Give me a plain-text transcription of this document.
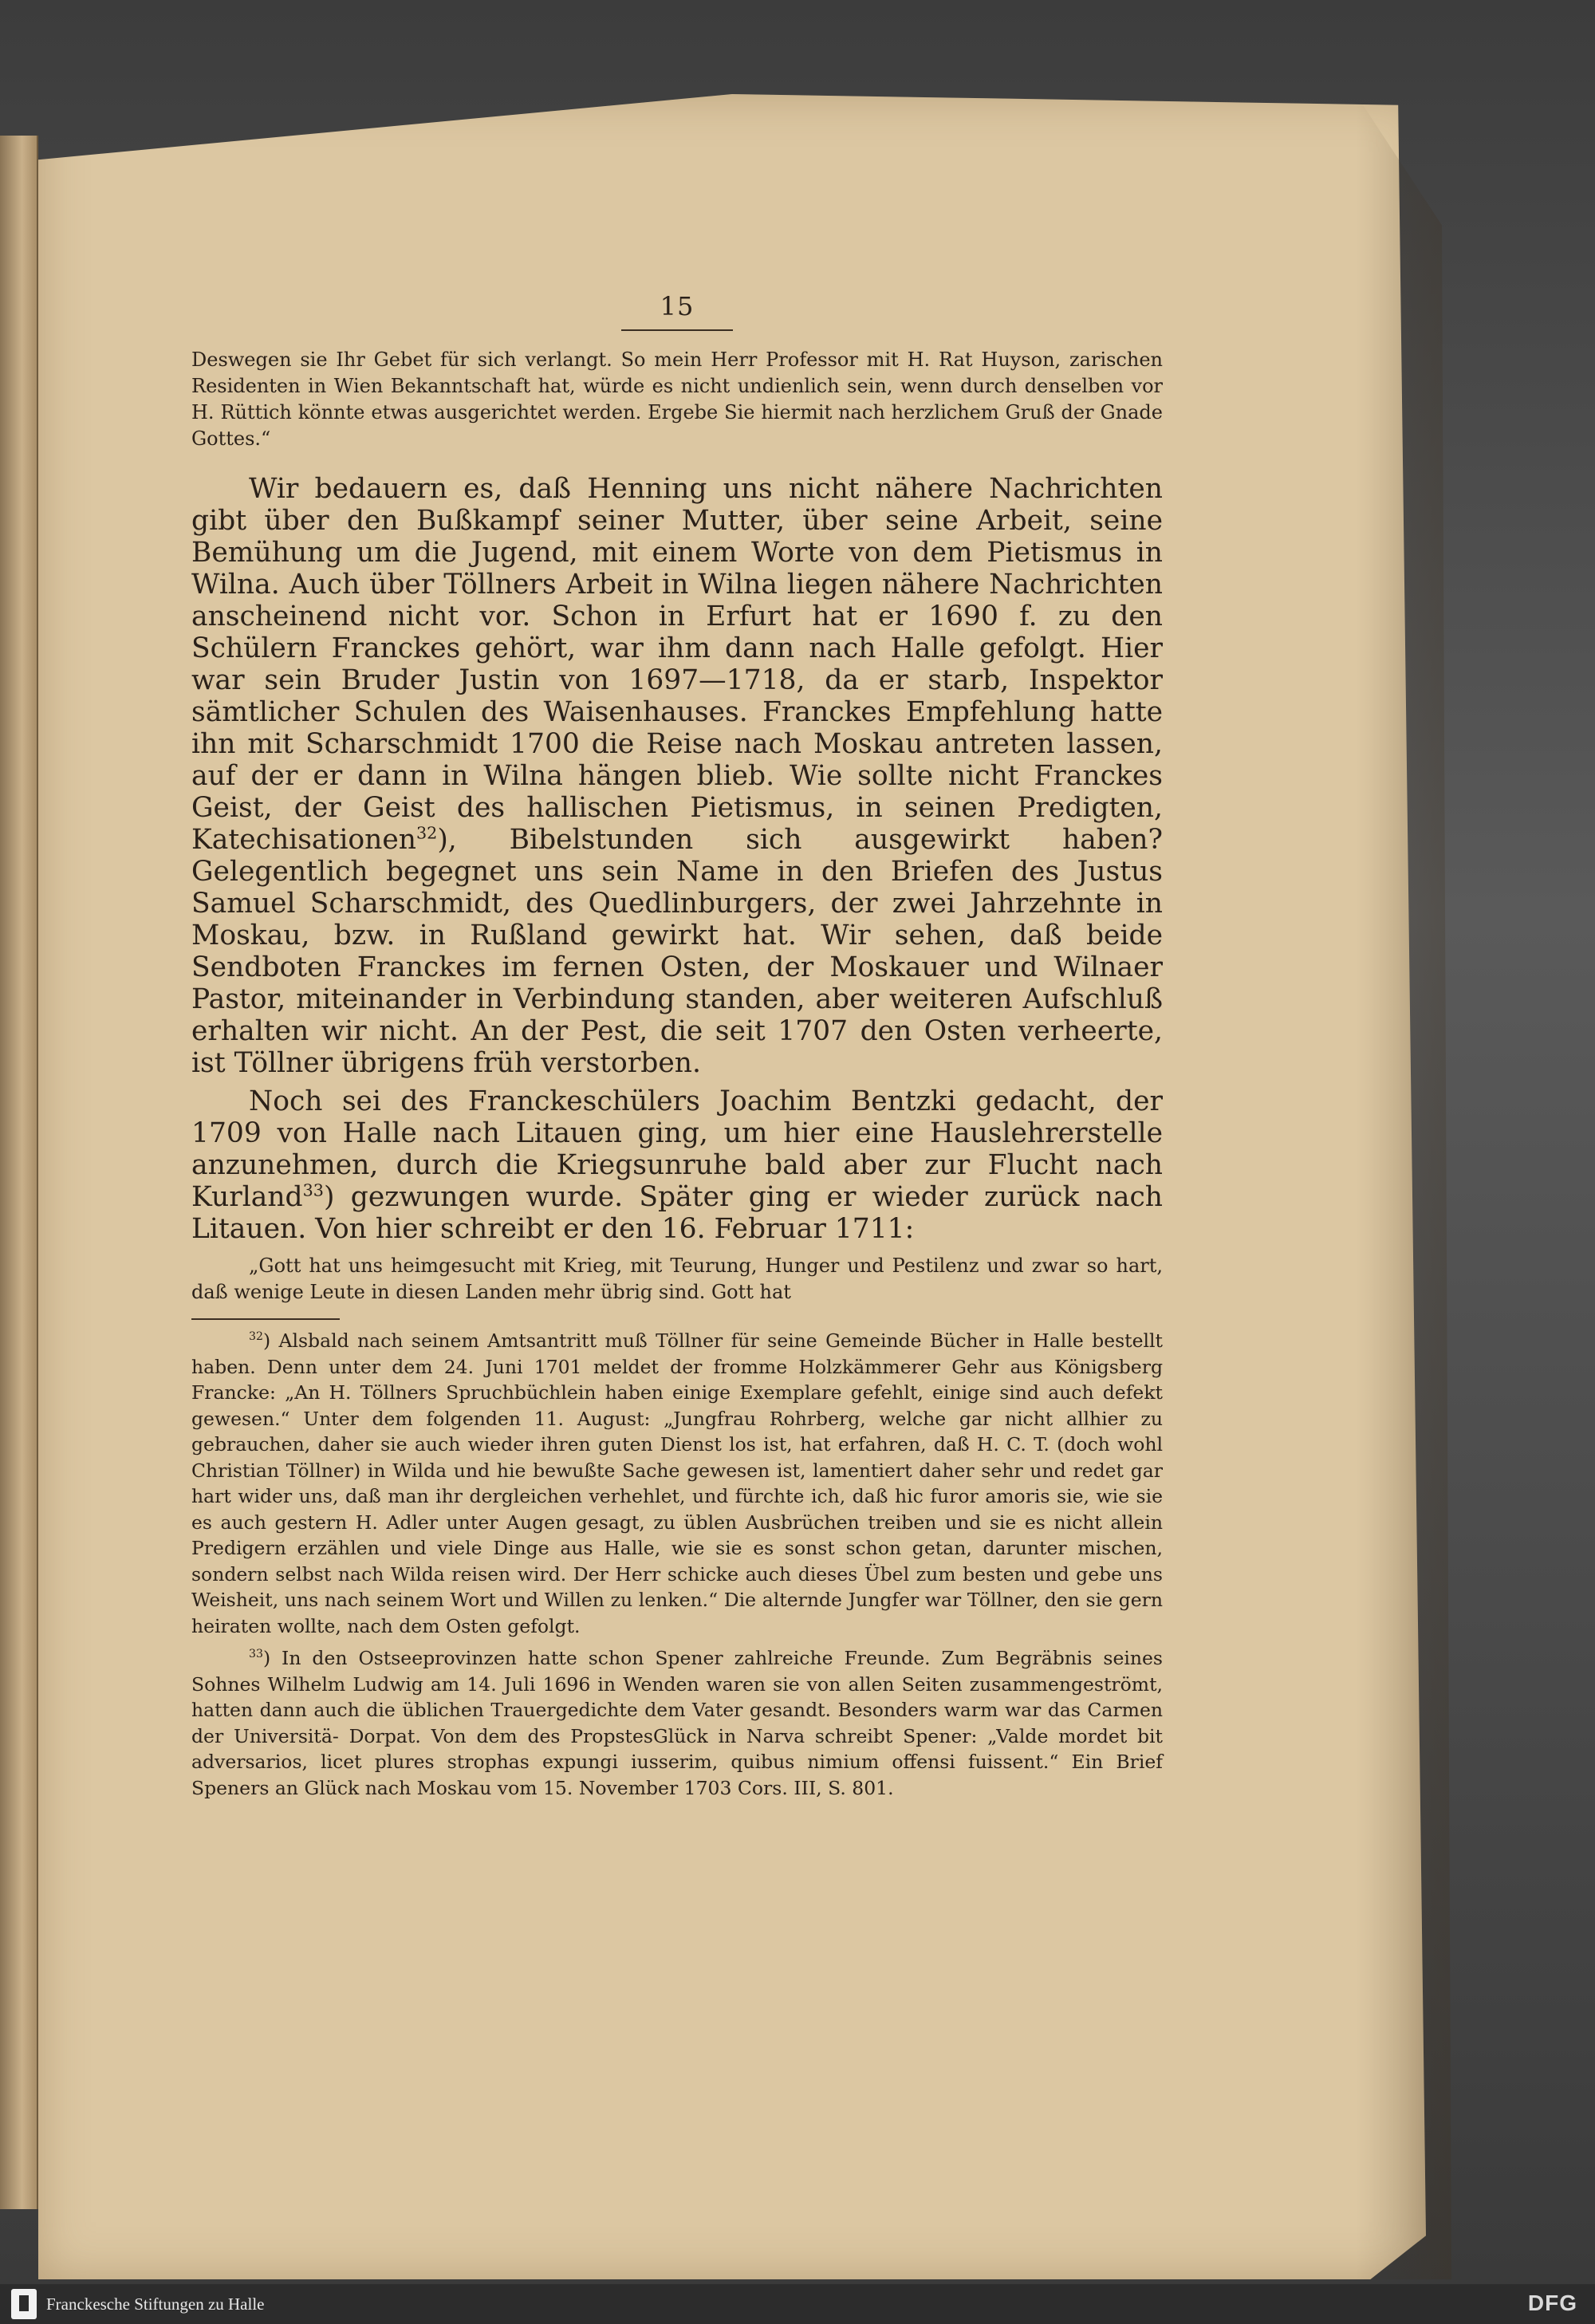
15

Deswegen sie Ihr Gebet für sich verlangt. So mein Herr Professor mit H. Rat Huyson, zarischen Residenten in Wien Bekanntschaft hat, würde es nicht undienlich sein, wenn durch denselben vor H. Rüttich könnte etwas ausgerichtet werden. Ergebe Sie hiermit nach herzlichem Gruß der Gnade Gottes.“

Wir bedauern es, daß Henning uns nicht nähere Nachrichten gibt über den Bußkampf seiner Mutter, über seine Arbeit, seine Bemühung um die Jugend, mit einem Worte von dem Pietismus in Wilna. Auch über Töllners Arbeit in Wilna liegen nähere Nachrichten anscheinend nicht vor. Schon in Erfurt hat er 1690 f. zu den Schülern Franckes gehört, war ihm dann nach Halle gefolgt. Hier war sein Bruder Justin von 1697—1718, da er starb, Inspektor sämtlicher Schulen des Waisenhauses. Franckes Empfehlung hatte ihn mit Scharschmidt 1700 die Reise nach Moskau antreten lassen, auf der er dann in Wilna hängen blieb. Wie sollte nicht Franckes Geist, der Geist des hallischen Pietismus, in seinen Predigten, Katechisationen$^{32}$), Bibelstunden sich ausgewirkt haben? Gelegentlich begegnet uns sein Name in den Briefen des Justus Samuel Scharschmidt, des Quedlinburgers, der zwei Jahrzehnte in Moskau, bzw. in Rußland gewirkt hat. Wir sehen, daß beide Sendboten Franckes im fernen Osten, der Moskauer und Wilnaer Pastor, miteinander in Verbindung standen, aber weiteren Aufschluß erhalten wir nicht. An der Pest, die seit 1707 den Osten verheerte, ist Töllner übrigens früh verstorben.

Noch sei des Franckeschülers Joachim Bentzki gedacht, der 1709 von Halle nach Litauen ging, um hier eine Hauslehrerstelle anzunehmen, durch die Kriegsunruhe bald aber zur Flucht nach Kurland$^{33}$) gezwungen wurde. Später ging er wieder zurück nach Litauen. Von hier schreibt er den 16. Februar 1711:

„Gott hat uns heimgesucht mit Krieg, mit Teurung, Hunger und Pestilenz und zwar so hart, daß wenige Leute in diesen Landen mehr übrig sind. Gott hat

$^{32}$) Alsbald nach seinem Amtsantritt muß Töllner für seine Gemeinde Bücher in Halle bestellt haben. Denn unter dem 24. Juni 1701 meldet der fromme Holzkämmerer Gehr aus Königsberg Francke: „An H. Töllners Spruchbüchlein haben einige Exemplare gefehlt, einige sind auch defekt gewesen.“ Unter dem folgenden 11. August: „Jungfrau Rohrberg, welche gar nicht allhier zu gebrauchen, daher sie auch wieder ihren guten Dienst los ist, hat erfahren, daß H. C. T. (doch wohl Christian Töllner) in Wilda und hie bewußte Sache gewesen ist, lamentiert daher sehr und redet gar hart wider uns, daß man ihr dergleichen verhehlet, und fürchte ich, daß hic furor amoris sie, wie sie es auch gestern H. Adler unter Augen gesagt, zu üblen Ausbrüchen treiben und sie es nicht allein Predigern erzählen und viele Dinge aus Halle, wie sie es sonst schon getan, darunter mischen, sondern selbst nach Wilda reisen wird. Der Herr schicke auch dieses Übel zum besten und gebe uns Weisheit, uns nach seinem Wort und Willen zu lenken.“ Die alternde Jungfer war Töllner, den sie gern heiraten wollte, nach dem Osten gefolgt.

$^{33}$) In den Ostseeprovinzen hatte schon Spener zahlreiche Freunde. Zum Begräbnis seines Sohnes Wilhelm Ludwig am 14. Juli 1696 in Wenden waren sie von allen Seiten zusammengeströmt, hatten dann auch die üblichen Trauergedichte dem Vater gesandt. Besonders warm war das Carmen der Universitä- Dorpat. Von dem des PropstesGlück in Narva schreibt Spener: „Valde mordet bit adversarios, licet plures strophas expungi iusserim, quibus nimium offensi fuissent.“ Ein Brief Speners an Glück nach Moskau vom 15. November 1703 Cors. III, S. 801.

Franckesche Stiftungen zu Halle	DFG
